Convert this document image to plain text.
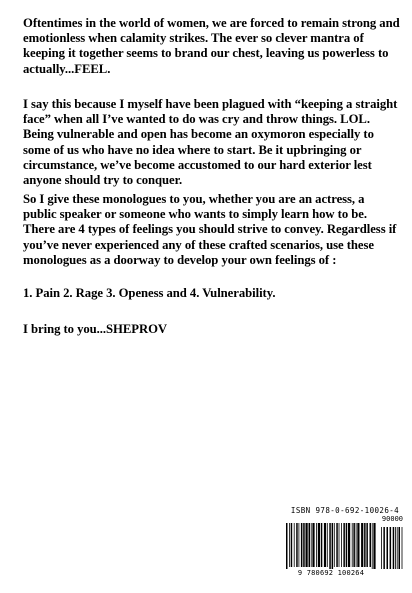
Oftentimes in the world of women, we are forced to remain strong and emotionless when calamity strikes. The ever so clever mantra of keeping it together seems to brand our chest, leaving us powerless to actually...FEEL.

I say this because I myself have been plagued with “keeping a straight face” when all I’ve wanted to do was cry and throw things. LOL. Being vulnerable and open has become an oxymoron especially to some of us who have no idea where to start. Be it upbringing or circumstance, we’ve become accustomed to our hard exterior lest anyone should try to conquer.

So I give these monologues to you, whether you are an actress, a public speaker or someone who wants to simply learn how to be. There are 4 types of feelings you should strive to convey. Regardless if you’ve never experienced any of these crafted scenarios, use these monologues as a doorway to develop your own feelings of :

1. Pain 2. Rage 3. Openess and 4. Vulnerability.

I bring to you...SHEPROV

ISBN 978-0-692-10026-4
90000
9 780692 100264
